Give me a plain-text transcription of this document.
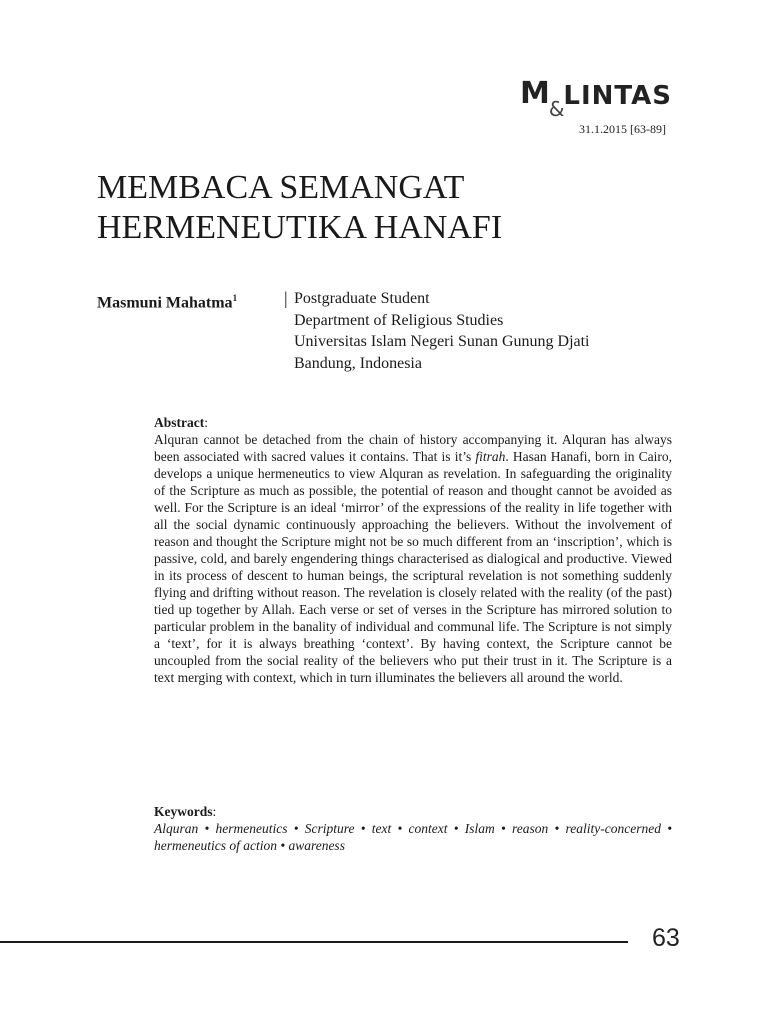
M
&
LINTAS
31.1.2015 [63-89]
MEMBACA SEMANGAT
HERMENEUTIKA HANAFI
Masmuni Mahatma$^1$	| Postgraduate Student
Department of Religious Studies
Universitas Islam Negeri Sunan Gunung Djati
Bandung, Indonesia
Abstract:

Alquran cannot be detached from the chain of history accompanying it. Alquran has always been associated with sacred values it contains. That is it’s fitrah. Hasan Hanafi, born in Cairo, develops a unique hermeneutics to view Alquran as revelation. In safeguarding the originality of the Scripture as much as possible, the potential of reason and thought cannot be avoided as well. For the Scripture is an ideal ‘mirror’ of the expressions of the reality in life together with all the social dynamic continuously approaching the believers. Without the involvement of reason and thought the Scripture might not be so much different from an ‘inscription’, which is passive, cold, and barely engendering things characterised as dialogical and productive. Viewed in its process of descent to human beings, the scriptural revelation is not something suddenly flying and drifting without reason. The revelation is closely related with the reality (of the past) tied up together by Allah. Each verse or set of verses in the Scripture has mirrored solution to particular problem in the banality of individual and communal life. The Scripture is not simply a ‘text’, for it is always breathing ‘context’. By having context, the Scripture cannot be uncoupled from the social reality of the believers who put their trust in it. The Scripture is a text merging with context, which in turn illuminates the believers all around the world.

Keywords:
Alquran • hermeneutics • Scripture • text • context • Islam • reason • reality-concerned • hermeneutics of action • awareness
63
